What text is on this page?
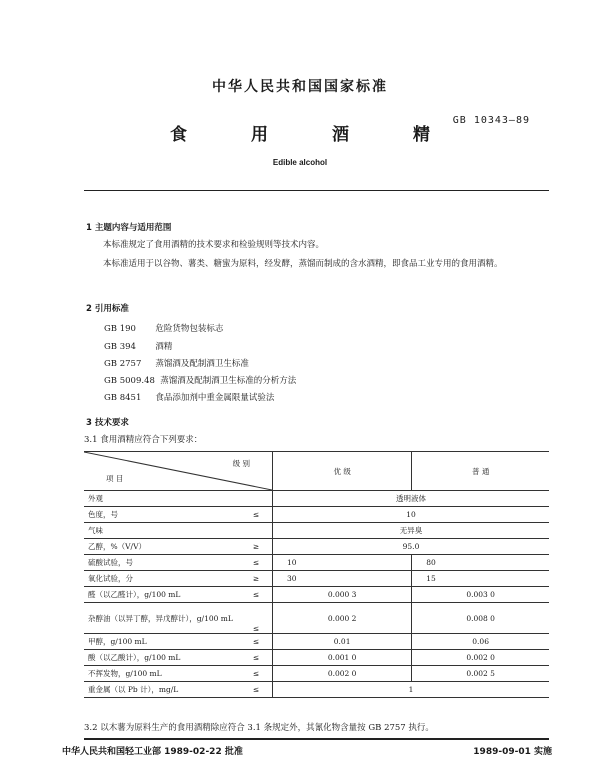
中华人民共和国国家标准
GB 10343—89
食	用	酒	精
Edible alcohol
1 主题内容与适用范围
本标准规定了食用酒精的技术要求和检验规则等技术内容。
本标准适用于以谷物、薯类、糖蜜为原料，经发酵，蒸馏而制成的含水酒精，即食品工业专用的食用酒精。
2 引用标准
GB 190 危险货物包装标志
GB 394 酒精
GB 2757 蒸馏酒及配制酒卫生标准
GB 5009.48 蒸馏酒及配制酒卫生标准的分析方法
GB 8451 食品添加剂中重金属限量试验法
3 技术要求
3.1 食用酒精应符合下列要求：
级 别
项 目		优 级	普 通
外观		透明液体	
色度，号	≤	10	
气味		无异臭	
乙醇，%（V/V）	≥	95.0	
硫酸试验，号	≤	10	80
氧化试验，分	≥	30	15
醛（以乙醛计），g/100 mL	≤	0.000 3	0.003 0
杂醇油（以异丁醇，异戊醇计），g/100 mL	≤	0.000 2	0.008 0
甲醇，g/100 mL	≤	0.01	0.06
酸（以乙酸计），g/100 mL	≤	0.001 0	0.002 0
不挥发物，g/100 mL	≤	0.002 0	0.002 5
重金属（以 Pb 计），mg/L	≤	1	
3.2 以木薯为原料生产的食用酒精除应符合 3.1 条规定外，其氰化物含量按 GB 2757 执行。
中华人民共和国轻工业部 1989-02-22 批准	1989-09-01 实施
